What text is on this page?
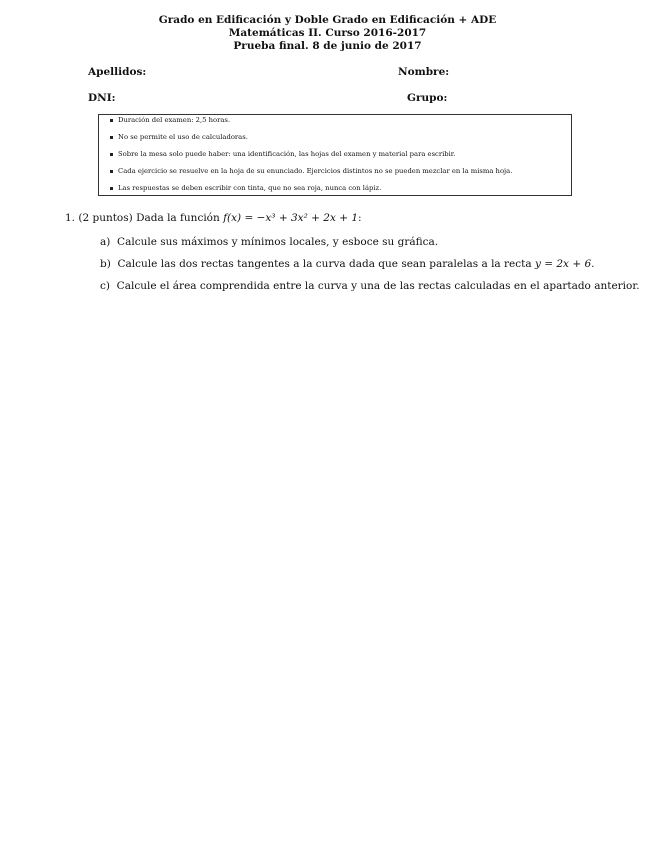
Grado en Edificación y Doble Grado en Edificación + ADE
Matemáticas II. Curso 2016-2017
Prueba final. 8 de junio de 2017
Apellidos:	Nombre:
DNI:	Grupo:
Duración del examen: 2,5 horas.
No se permite el uso de calculadoras.
Sobre la mesa solo puede haber: una identificación, las hojas del examen y material para escribir.
Cada ejercicio se resuelve en la hoja de su enunciado. Ejercicios distintos no se pueden mezclar en la misma hoja.
Las respuestas se deben escribir con tinta, que no sea roja, nunca con lápiz.
1. (2 puntos) Dada la función f(x) = −x³ + 3x² + 2x + 1:
a) Calcule sus máximos y mínimos locales, y esboce su gráfica.
b) Calcule las dos rectas tangentes a la curva dada que sean paralelas a la recta y = 2x + 6.
c) Calcule el área comprendida entre la curva y una de las rectas calculadas en el apartado anterior.
